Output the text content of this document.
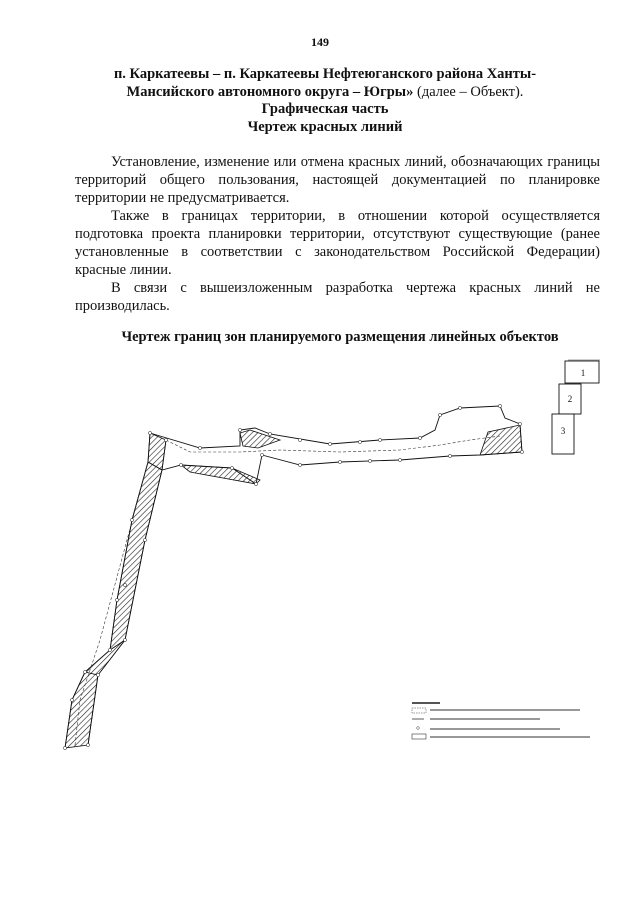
149
п. Каркатеевы – п. Каркатеевы Нефтеюганского района Ханты-
Мансийского автономного округа – Югры» (далее – Объект).
Графическая часть
Чертеж красных линий

Установление, изменение или отмена красных линий, обозначающих границы территорий общего пользования, настоящей документацией по планировке территории не предусматривается.

Также в границах территории, в отношении которой осуществляется подготовка проекта планировки территории, отсутствуют существующие (ранее установленные в соответствии с законодательством Российской Федерации) красные линии.

В связи с вышеизложенным разработка чертежа красных линий не производилась.

Чертеж границ зон планируемого размещения линейных объектов
1
2
3
